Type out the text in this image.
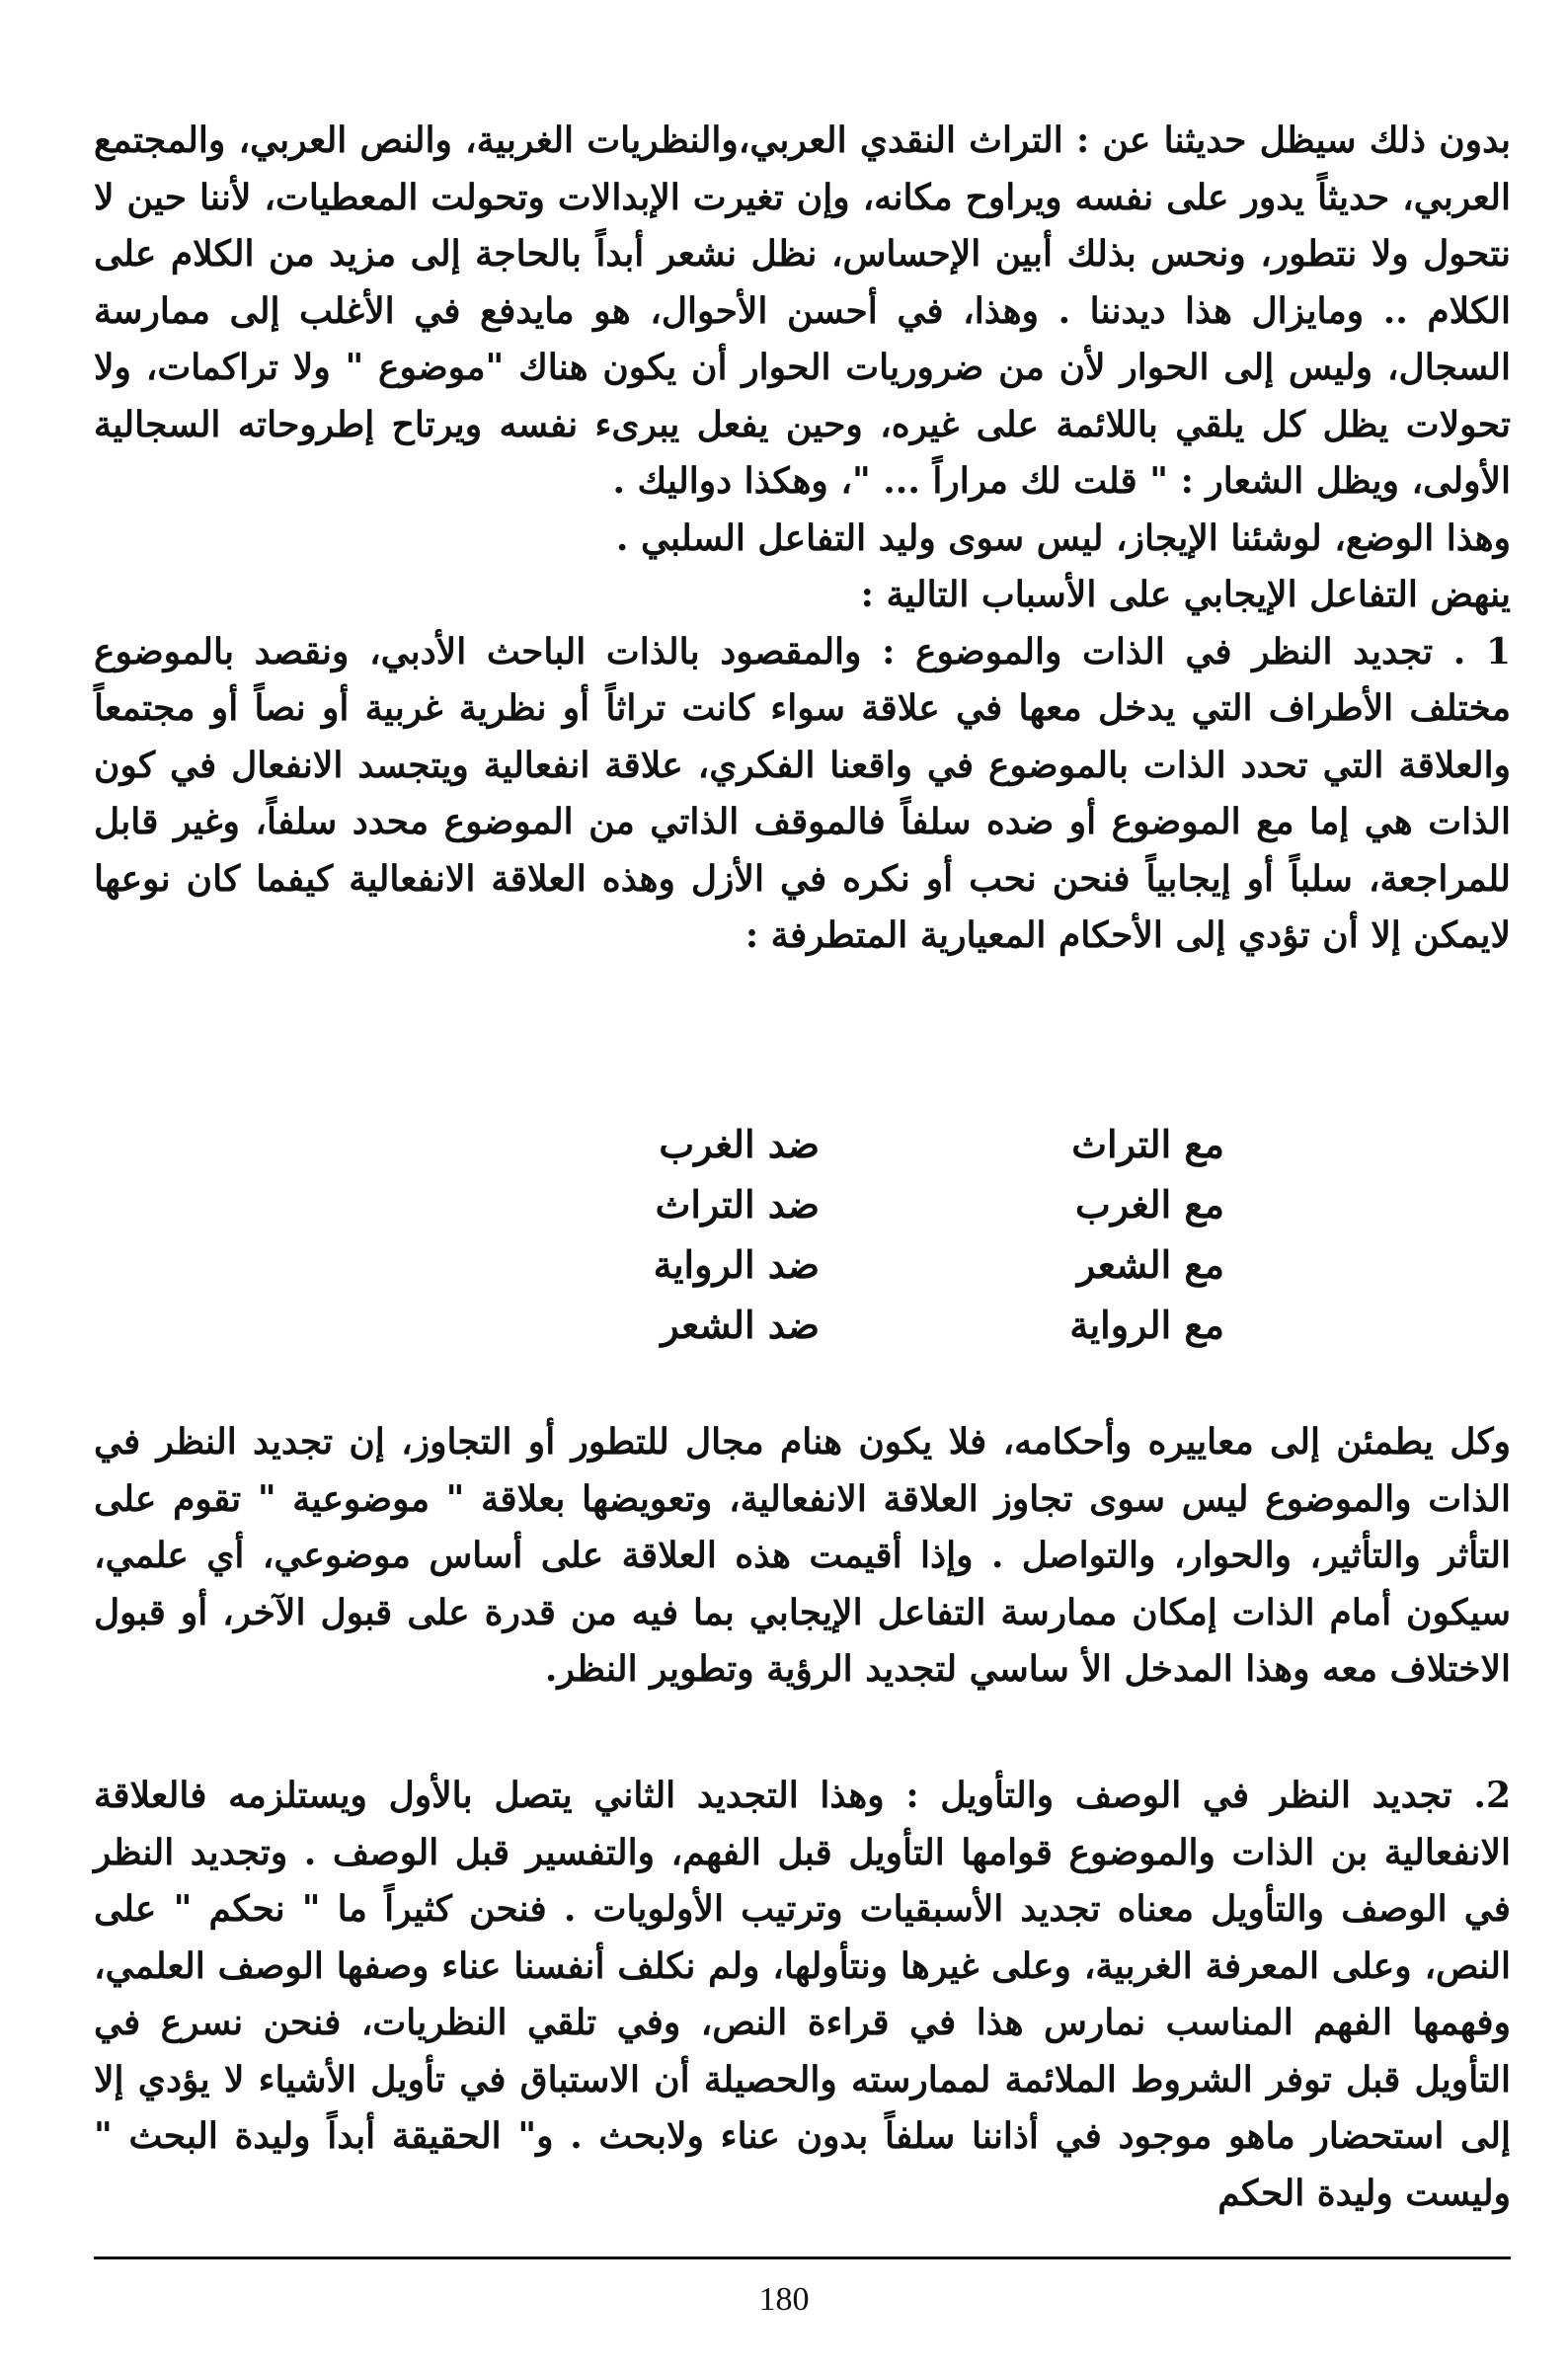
بدون ذلك سيظل حديثنا عن : التراث النقدي العربي،والنظريات الغربية، والنص العربي، والمجتمع العربي، حديثاً يدور على نفسه ويراوح مكانه، وإن تغيرت الإبدالات وتحولت المعطيات، لأننا حين لا نتحول ولا نتطور، ونحس بذلك أبين الإحساس، نظل نشعر أبداً بالحاجة إلى مزيد من الكلام على الكلام .. ومايزال هذا ديدننا . وهذا، في أحسن الأحوال، هو مايدفع في الأغلب إلى ممارسة السجال، وليس إلى الحوار لأن من ضروريات الحوار أن يكون هناك "موضوع " ولا تراكمات، ولا تحولات يظل كل يلقي باللائمة على غيره، وحين يفعل يبرىء نفسه ويرتاح إطروحاته السجالية الأولى، ويظل الشعار : " قلت لك مراراً ... "، وهكذا دواليك .

وهذا الوضع، لوشئنا الإيجاز، ليس سوى وليد التفاعل السلبي .

ينهض التفاعل الإيجابي على الأسباب التالية :

1 . تجديد النظر في الذات والموضوع : والمقصود بالذات الباحث الأدبي، ونقصد بالموضوع مختلف الأطراف التي يدخل معها في علاقة سواء كانت تراثاً أو نظرية غربية أو نصاً أو مجتمعاً والعلاقة التي تحدد الذات بالموضوع في واقعنا الفكري، علاقة انفعالية ويتجسد الانفعال في كون الذات هي إما مع الموضوع أو ضده سلفاً فالموقف الذاتي من الموضوع محدد سلفاً، وغير قابل للمراجعة، سلباً أو إيجابياً فنحن نحب أو نكره في الأزل وهذه العلاقة الانفعالية كيفما كان نوعها لايمكن إلا أن تؤدي إلى الأحكام المعيارية المتطرفة :

مع التراث
مع الغرب
مع الشعر
مع الرواية
ضد الغرب
ضد التراث
ضد الرواية
ضد الشعر

وكل يطمئن إلى معاييره وأحكامه، فلا يكون هنام مجال للتطور أو التجاوز، إن تجديد النظر في الذات والموضوع ليس سوى تجاوز العلاقة الانفعالية، وتعويضها بعلاقة " موضوعية " تقوم على التأثر والتأثير، والحوار، والتواصل . وإذا أقيمت هذه العلاقة على أساس موضوعي، أي علمي، سيكون أمام الذات إمكان ممارسة التفاعل الإيجابي بما فيه من قدرة على قبول الآخر، أو قبول الاختلاف معه وهذا المدخل الأ ساسي لتجديد الرؤية وتطوير النظر.

2. تجديد النظر في الوصف والتأويل : وهذا التجديد الثاني يتصل بالأول ويستلزمه فالعلاقة الانفعالية بن الذات والموضوع قوامها التأويل قبل الفهم، والتفسير قبل الوصف . وتجديد النظر في الوصف والتأويل معناه تجديد الأسبقيات وترتيب الأولويات . فنحن كثيراً ما " نحكم " على النص، وعلى المعرفة الغربية، وعلى غيرها ونتأولها، ولم نكلف أنفسنا عناء وصفها الوصف العلمي، وفهمها الفهم المناسب نمارس هذا في قراءة النص، وفي تلقي النظريات، فنحن نسرع في التأويل قبل توفر الشروط الملائمة لممارسته والحصيلة أن الاستباق في تأويل الأشياء لا يؤدي إلا إلى استحضار ماهو موجود في أذاننا سلفاً بدون عناء ولابحث . و" الحقيقة أبداً وليدة البحث " وليست وليدة الحكم

180
